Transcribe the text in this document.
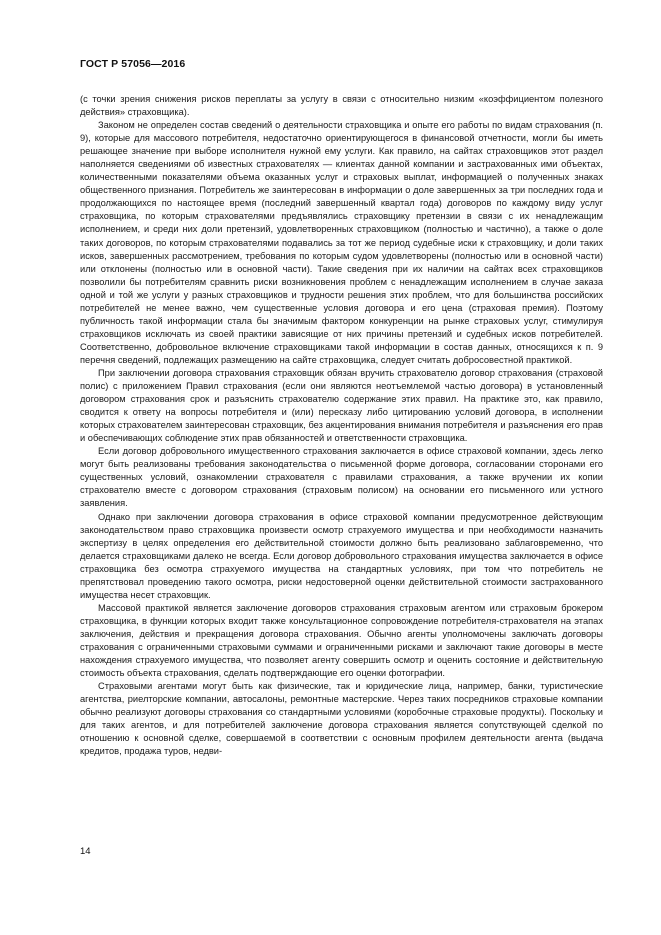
ГОСТ Р 57056—2016

(с точки зрения снижения рисков переплаты за услугу в связи с относительно низким «коэффициентом полезного действия» страховщика).

Законом не определен состав сведений о деятельности страховщика и опыте его работы по видам страхования (п. 9), которые для массового потребителя, недостаточно ориентирующегося в финансовой отчетности, могли бы иметь решающее значение при выборе исполнителя нужной ему услуги. Как правило, на сайтах страховщиков этот раздел наполняется сведениями об известных страхователях — клиентах данной компании и застрахованных ими объектах, количественными показателями объема оказанных услуг и страховых выплат, информацией о полученных знаках общественного признания. Потребитель же заинтересован в информации о доле завершенных за три последних года и продолжающихся по настоящее время (последний завершенный квартал года) договоров по каждому виду услуг страховщика, по которым страхователями предъявлялись страховщику претензии в связи с их ненадлежащим исполнением, и среди них доли претензий, удовлетворенных страховщиком (полностью и частично), а также о доле таких договоров, по которым страхователями подавались за тот же период судебные иски к страховщику, и доли таких исков, завершенных рассмотрением, требования по которым судом удовлетворены (полностью или в основной части) или отклонены (полностью или в основной части). Такие сведения при их наличии на сайтах всех страховщиков позволили бы потребителям сравнить риски возникновения проблем с ненадлежащим исполнением в случае заказа одной и той же услуги у разных страховщиков и трудности решения этих проблем, что для большинства российских потребителей не менее важно, чем существенные условия договора и его цена (страховая премия). Поэтому публичность такой информации стала бы значимым фактором конкуренции на рынке страховых услуг, стимулируя страховщиков исключать из своей практики зависящие от них причины претензий и судебных исков потребителей. Соответственно, добровольное включение страховщиками такой информации в состав данных, относящихся к п. 9 перечня сведений, подлежащих размещению на сайте страховщика, следует считать добросовестной практикой.

При заключении договора страхования страховщик обязан вручить страхователю договор страхования (страховой полис) с приложением Правил страхования (если они являются неотъемлемой частью договора) в установленный договором страхования срок и разъяснить страхователю содержание этих правил. На практике это, как правило, сводится к ответу на вопросы потребителя и (или) пересказу либо цитированию условий договора, в исполнении которых страхователем заинтересован страховщик, без акцентирования внимания потребителя и разъяснения его прав и обеспечивающих соблюдение этих прав обязанностей и ответственности страховщика.

Если договор добровольного имущественного страхования заключается в офисе страховой компании, здесь легко могут быть реализованы требования законодательства о письменной форме договора, согласовании сторонами его существенных условий, ознакомлении страхователя с правилами страхования, а также вручении их копии страхователю вместе с договором страхования (страховым полисом) на основании его письменного или устного заявления.

Однако при заключении договора страхования в офисе страховой компании предусмотренное действующим законодательством право страховщика произвести осмотр страхуемого имущества и при необходимости назначить экспертизу в целях определения его действительной стоимости должно быть реализовано заблаговременно, что делается страховщиками далеко не всегда. Если договор добровольного страхования имущества заключается в офисе страховщика без осмотра страхуемого имущества на стандартных условиях, при том что потребитель не препятствовал проведению такого осмотра, риски недостоверной оценки действительной стоимости застрахованного имущества несет страховщик.

Массовой практикой является заключение договоров страхования страховым агентом или страховым брокером страховщика, в функции которых входит также консультационное сопровождение потребителя-страхователя на этапах заключения, действия и прекращения договора страхования. Обычно агенты уполномочены заключать договоры страхования с ограниченными страховыми суммами и ограниченными рисками и заключают такие договоры в месте нахождения страхуемого имущества, что позволяет агенту совершить осмотр и оценить состояние и действительную стоимость объекта страхования, сделать подтверждающие его оценки фотографии.

Страховыми агентами могут быть как физические, так и юридические лица, например, банки, туристические агентства, риелторские компании, автосалоны, ремонтные мастерские. Через таких посредников страховые компании обычно реализуют договоры страхования со стандартными условиями (коробочные страховые продукты). Поскольку и для таких агентов, и для потребителей заключение договора страхования является сопутствующей сделкой по отношению к основной сделке, совершаемой в соответствии с основным профилем деятельности агента (выдача кредитов, продажа туров, недви-

14
